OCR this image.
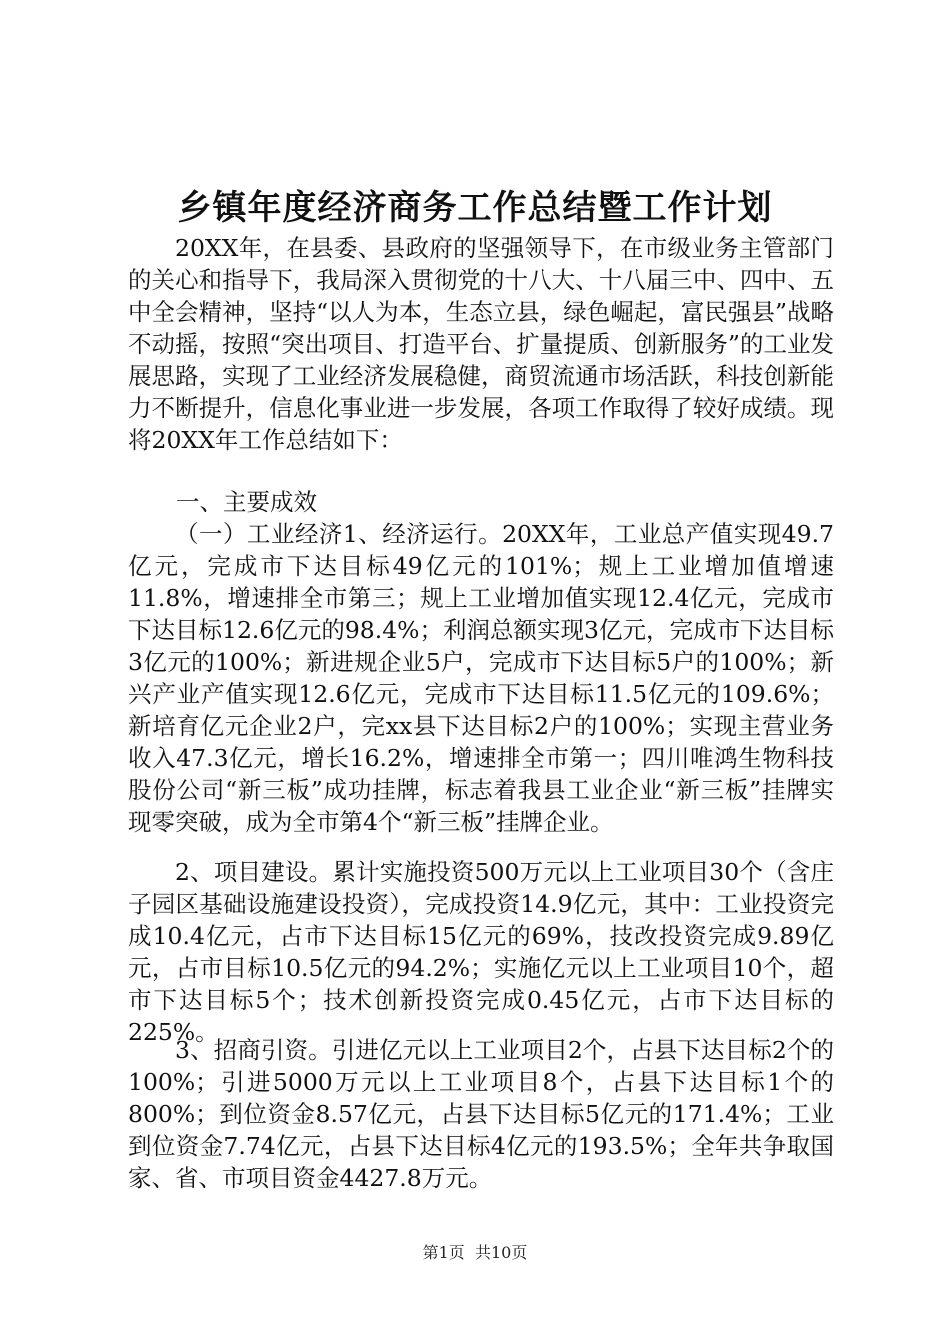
乡镇年度经济商务工作总结暨工作计划

20XX年，在县委、县政府的坚强领导下，在市级业务主管部门的关心和指导下，我局深入贯彻党的十八大、十八届三中、四中、五中全会精神，坚持“以人为本，生态立县，绿色崛起，富民强县”战略不动摇，按照“突出项目、打造平台、扩量提质、创新服务”的工业发展思路，实现了工业经济发展稳健，商贸流通市场活跃，科技创新能力不断提升，信息化事业进一步发展，各项工作取得了较好成绩。现将20XX年工作总结如下：

一、主要成效

（一）工业经济1、经济运行。20XX年，工业总产值实现49.7亿元，完成市下达目标49亿元的101%；规上工业增加值增速11.8%，增速排全市第三；规上工业增加值实现12.4亿元，完成市下达目标12.6亿元的98.4%；利润总额实现3亿元，完成市下达目标3亿元的100%；新进规企业5户，完成市下达目标5户的100%；新兴产业产值实现12.6亿元，完成市下达目标11.5亿元的109.6%；新培育亿元企业2户，完xx县下达目标2户的100%；实现主营业务收入47.3亿元，增长16.2%，增速排全市第一；四川唯鸿生物科技股份公司“新三板”成功挂牌，标志着我县工业企业“新三板”挂牌实现零突破，成为全市第4个“新三板”挂牌企业。

2、项目建设。累计实施投资500万元以上工业项目30个（含庄子园区基础设施建设投资），完成投资14.9亿元，其中：工业投资完成10.4亿元，占市下达目标15亿元的69%，技改投资完成9.89亿元，占市目标10.5亿元的94.2%；实施亿元以上工业项目10个，超市下达目标5个；技术创新投资完成0.45亿元，占市下达目标的225%。

3、招商引资。引进亿元以上工业项目2个，占县下达目标2个的100%；引进5000万元以上工业项目8个，占县下达目标1个的800%；到位资金8.57亿元，占县下达目标5亿元的171.4%；工业到位资金7.74亿元，占县下达目标4亿元的193.5%；全年共争取国家、省、市项目资金4427.8万元。

第1页 共10页
